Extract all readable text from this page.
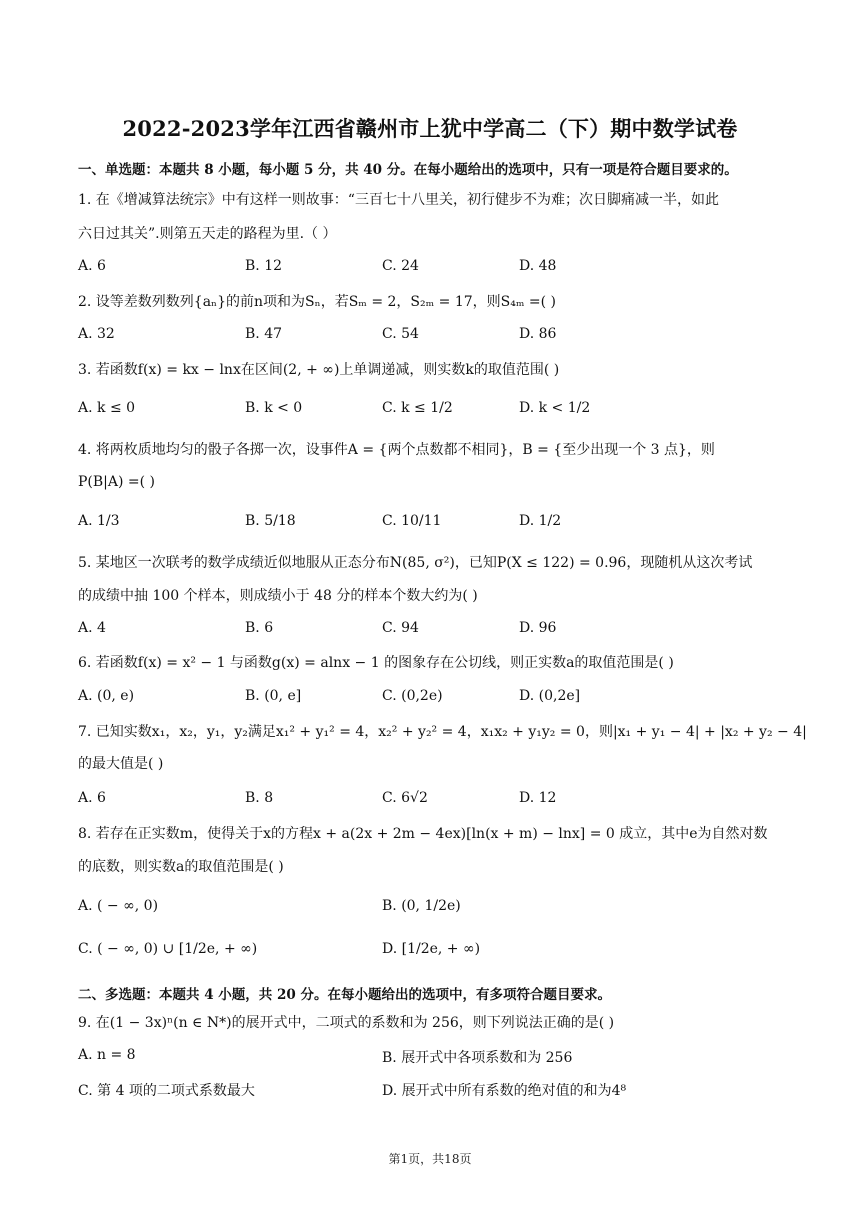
2022-2023学年江西省赣州市上犹中学高二（下）期中数学试卷
一、单选题：本题共 8 小题，每小题 5 分，共 40 分。在每小题给出的选项中，只有一项是符合题目要求的。
1. 在《增减算法统宗》中有这样一则故事：“三百七十八里关，初行健步不为难；次日脚痛减一半，如此
六日过其关”.则第五天走的路程为里.（ ）
A. 6	B. 12	C. 24	D. 48
2. 设等差数列数列{aₙ}的前n项和为Sₙ，若Sₘ = 2，S₂ₘ = 17，则S₄ₘ =( )
A. 32	B. 47	C. 54	D. 86
3. 若函数f(x) = kx − lnx在区间(2, + ∞)上单调递减，则实数k的取值范围( )
A. k ≤ 0	B. k < 0	C. k ≤ 1/2	D. k < 1/2
4. 将两枚质地均匀的骰子各掷一次，设事件A = {两个点数都不相同}，B = {至少出现一个 3 点}，则
P(B|A) =( )
A. 1/3	B. 5/18	C. 10/11	D. 1/2
5. 某地区一次联考的数学成绩近似地服从正态分布N(85, σ²)，已知P(X ≤ 122) = 0.96，现随机从这次考试
的成绩中抽 100 个样本，则成绩小于 48 分的样本个数大约为( )
A. 4	B. 6	C. 94	D. 96
6. 若函数f(x) = x² − 1 与函数g(x) = alnx − 1 的图象存在公切线，则正实数a的取值范围是( )
A. (0, e)	B. (0, e]	C. (0,2e)	D. (0,2e]
7. 已知实数x₁，x₂，y₁，y₂满足x₁² + y₁² = 4，x₂² + y₂² = 4，x₁x₂ + y₁y₂ = 0，则|x₁ + y₁ − 4| + |x₂ + y₂ − 4|
的最大值是( )
A. 6	B. 8	C. 6√2	D. 12
8. 若存在正实数m，使得关于x的方程x + a(2x + 2m − 4ex)[ln(x + m) − lnx] = 0 成立，其中e为自然对数
的底数，则实数a的取值范围是( )
A. ( − ∞, 0)	B. (0, 1/2e)
C. ( − ∞, 0) ∪ [1/2e, + ∞)	D. [1/2e, + ∞)
二、多选题：本题共 4 小题，共 20 分。在每小题给出的选项中，有多项符合题目要求。
9. 在(1 − 3x)ⁿ(n ∈ N*)的展开式中，二项式的系数和为 256，则下列说法正确的是( )
A. n = 8	B. 展开式中各项系数和为 256
C. 第 4 项的二项式系数最大	D. 展开式中所有系数的绝对值的和为4⁸
第1页，共18页
